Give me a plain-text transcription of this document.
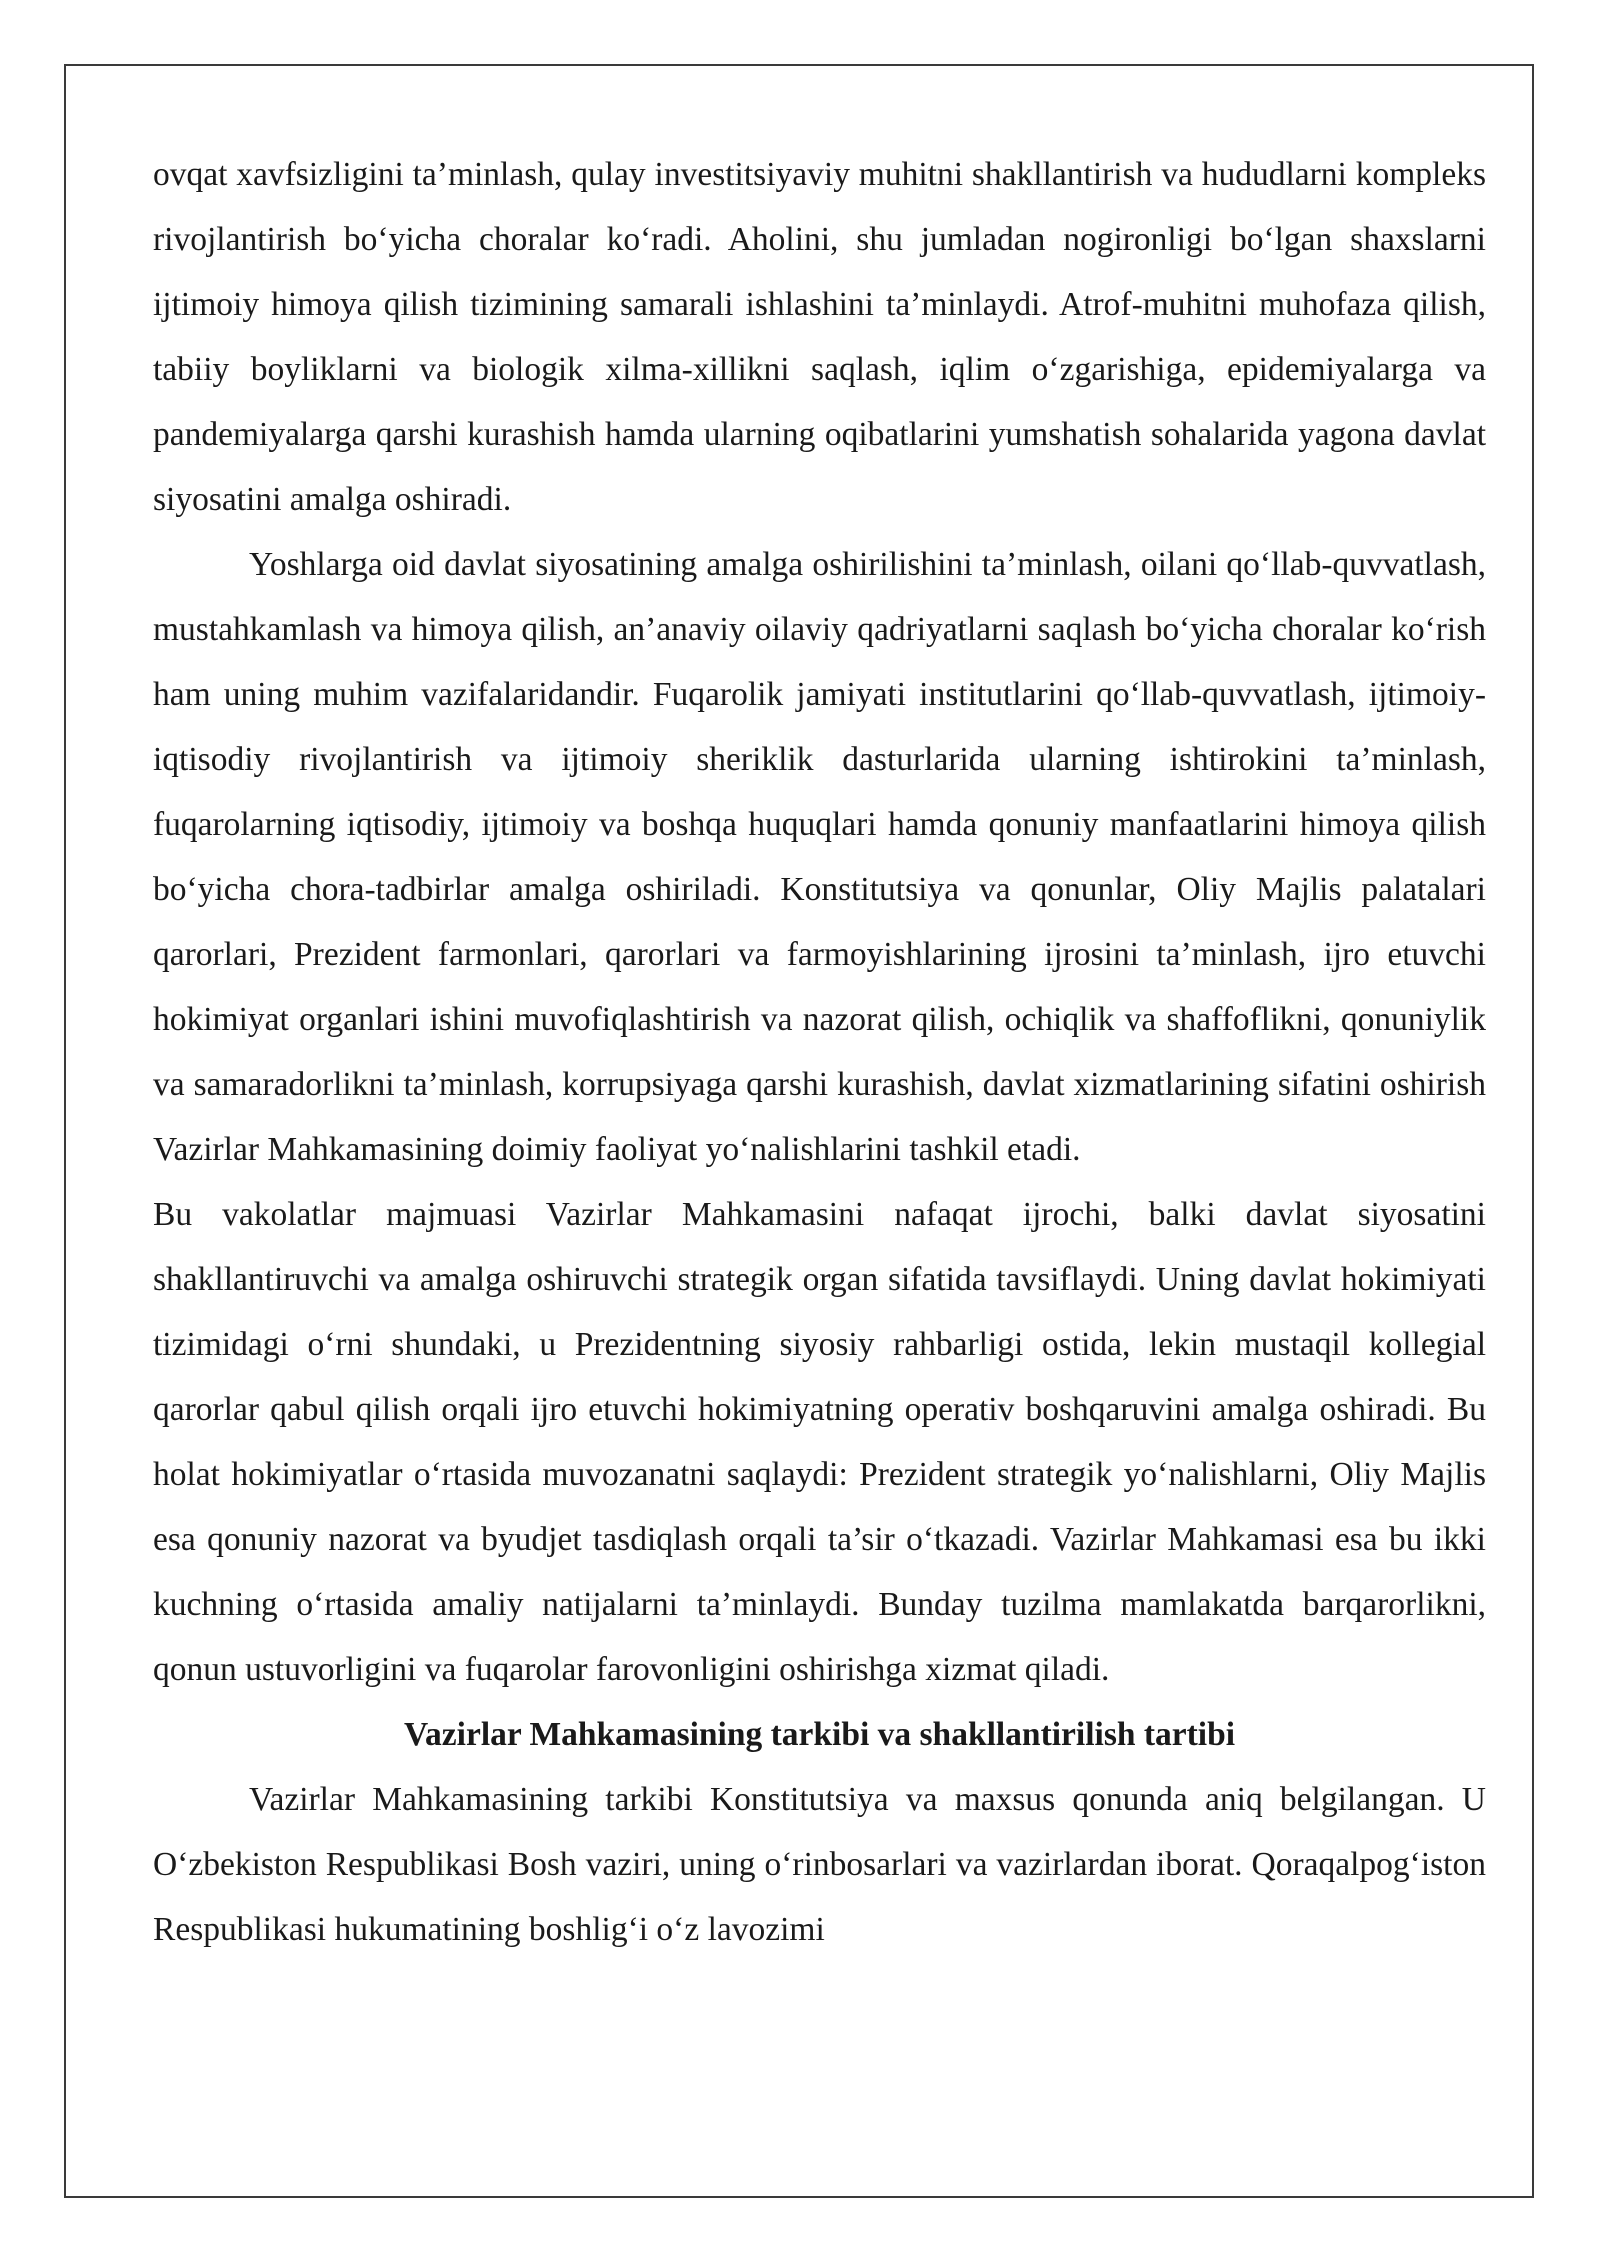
ovqat xavfsizligini ta’minlash, qulay investitsiyaviy muhitni shakllantirish va hududlarni kompleks rivojlantirish bo‘yicha choralar ko‘radi. Aholini, shu jumladan nogironligi bo‘lgan shaxslarni ijtimoiy himoya qilish tizimining samarali ishlashini ta’minlaydi. Atrof-muhitni muhofaza qilish, tabiiy boyliklarni va biologik xilma-xillikni saqlash, iqlim o‘zgarishiga, epidemiyalarga va pandemiyalarga qarshi kurashish hamda ularning oqibatlarini yumshatish sohalarida yagona davlat siyosatini amalga oshiradi.

Yoshlarga oid davlat siyosatining amalga oshirilishini ta’minlash, oilani qo‘llab-quvvatlash, mustahkamlash va himoya qilish, an’anaviy oilaviy qadriyatlarni saqlash bo‘yicha choralar ko‘rish ham uning muhim vazifalaridandir. Fuqarolik jamiyati institutlarini qo‘llab-quvvatlash, ijtimoiy-iqtisodiy rivojlantirish va ijtimoiy sheriklik dasturlarida ularning ishtirokini ta’minlash, fuqarolarning iqtisodiy, ijtimoiy va boshqa huquqlari hamda qonuniy manfaatlarini himoya qilish bo‘yicha chora-tadbirlar amalga oshiriladi. Konstitutsiya va qonunlar, Oliy Majlis palatalari qarorlari, Prezident farmonlari, qarorlari va farmoyishlarining ijrosini ta’minlash, ijro etuvchi hokimiyat organlari ishini muvofiqlashtirish va nazorat qilish, ochiqlik va shaffoflikni, qonuniylik va samaradorlikni ta’minlash, korrupsiyaga qarshi kurashish, davlat xizmatlarining sifatini oshirish Vazirlar Mahkamasining doimiy faoliyat yo‘nalishlarini tashkil etadi.

Bu vakolatlar majmuasi Vazirlar Mahkamasini nafaqat ijrochi, balki davlat siyosatini shakllantiruvchi va amalga oshiruvchi strategik organ sifatida tavsiflaydi. Uning davlat hokimiyati tizimidagi o‘rni shundaki, u Prezidentning siyosiy rahbarligi ostida, lekin mustaqil kollegial qarorlar qabul qilish orqali ijro etuvchi hokimiyatning operativ boshqaruvini amalga oshiradi. Bu holat hokimiyatlar o‘rtasida muvozanatni saqlaydi: Prezident strategik yo‘nalishlarni, Oliy Majlis esa qonuniy nazorat va byudjet tasdiqlash orqali ta’sir o‘tkazadi. Vazirlar Mahkamasi esa bu ikki kuchning o‘rtasida amaliy natijalarni ta’minlaydi. Bunday tuzilma mamlakatda barqarorlikni, qonun ustuvorligini va fuqarolar farovonligini oshirishga xizmat qiladi.

Vazirlar Mahkamasining tarkibi va shakllantirilish tartibi

Vazirlar Mahkamasining tarkibi Konstitutsiya va maxsus qonunda aniq belgilangan. U O‘zbekiston Respublikasi Bosh vaziri, uning o‘rinbosarlari va vazirlardan iborat. Qoraqalpog‘iston Respublikasi hukumatining boshlig‘i o‘z lavozimi
